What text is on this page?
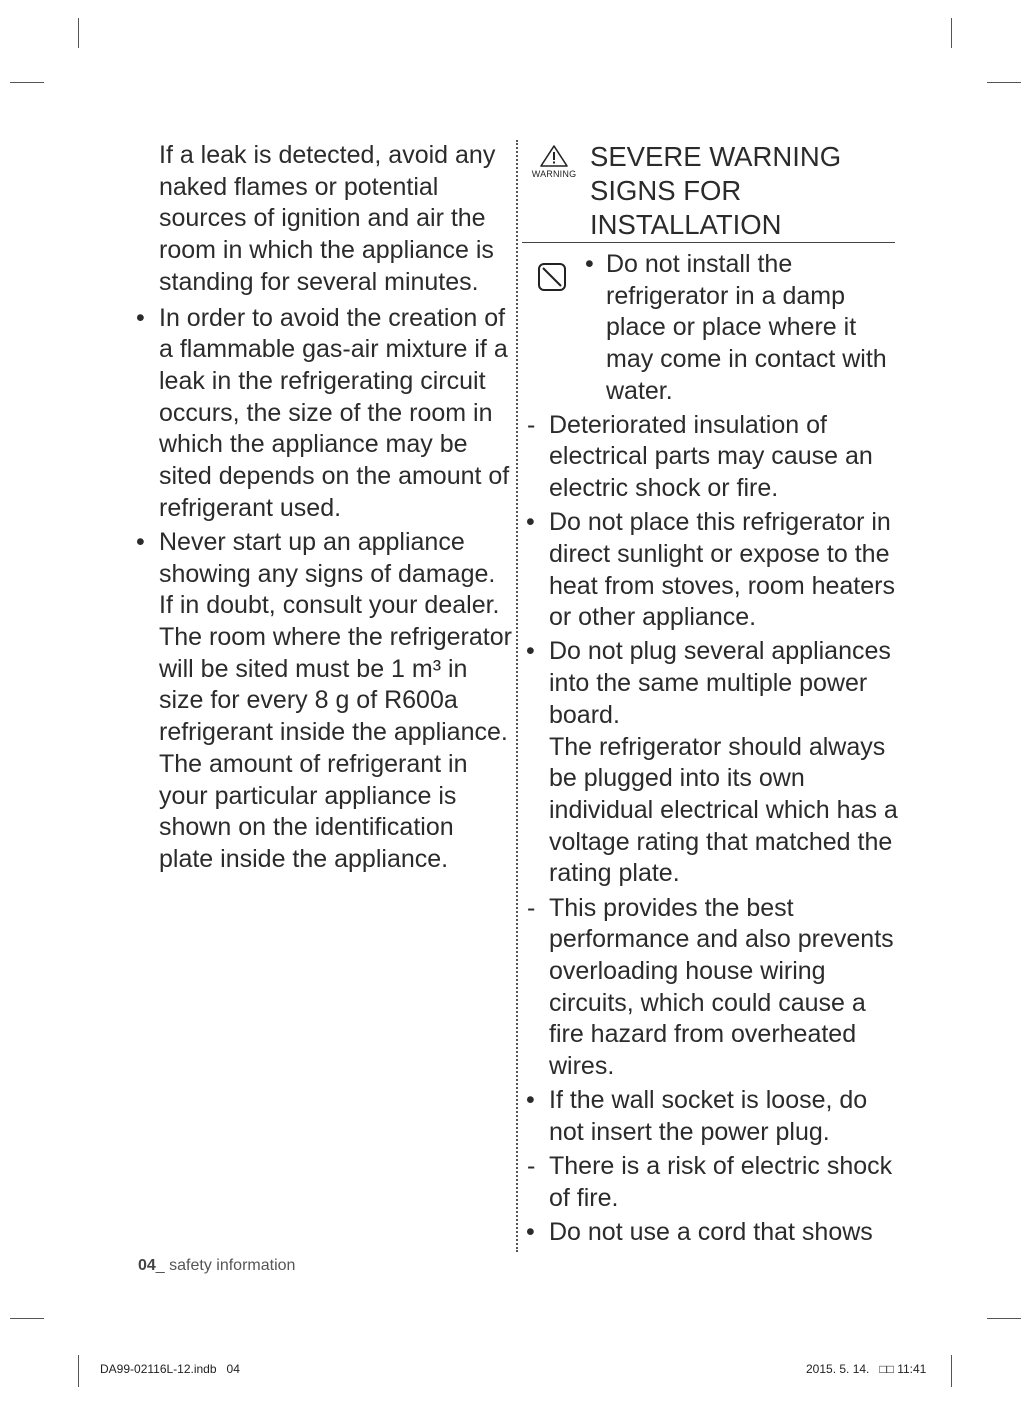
If a leak is detected, avoid any naked flames or potential sources of ignition and air the room in which the appliance is standing for several minutes.
• In order to avoid the creation of a flammable gas-air mixture if a leak in the refrigerating circuit occurs, the size of the room in which the appliance may be sited depends on the amount of refrigerant used.
• Never start up an appliance showing any signs of damage. If in doubt, consult your dealer.
The room where the refrigerator will be sited must be 1 m³ in size for every 8 g of R600a refrigerant inside the appliance.
The amount of refrigerant in your particular appliance is shown on the identification plate inside the appliance.
WARNING
SEVERE WARNING SIGNS FOR INSTALLATION
• Do not install the refrigerator in a damp place or place where it may come in contact with water.
- Deteriorated insulation of electrical parts may cause an electric shock or fire.
• Do not place this refrigerator in direct sunlight or expose to the heat from stoves, room heaters or other appliance.
• Do not plug several appliances into the same multiple power board.
The refrigerator should always be plugged into its own individual electrical which has a voltage rating that matched the rating plate.
- This provides the best performance and also prevents overloading house wiring circuits, which could cause a fire hazard from overheated wires.
• If the wall socket is loose, do not insert the power plug.
- There is a risk of electric shock of fire.
• Do not use a cord that shows
04_ safety information
DA99-02116L-12.indb   04	2015. 5. 14.   □□ 11:41
